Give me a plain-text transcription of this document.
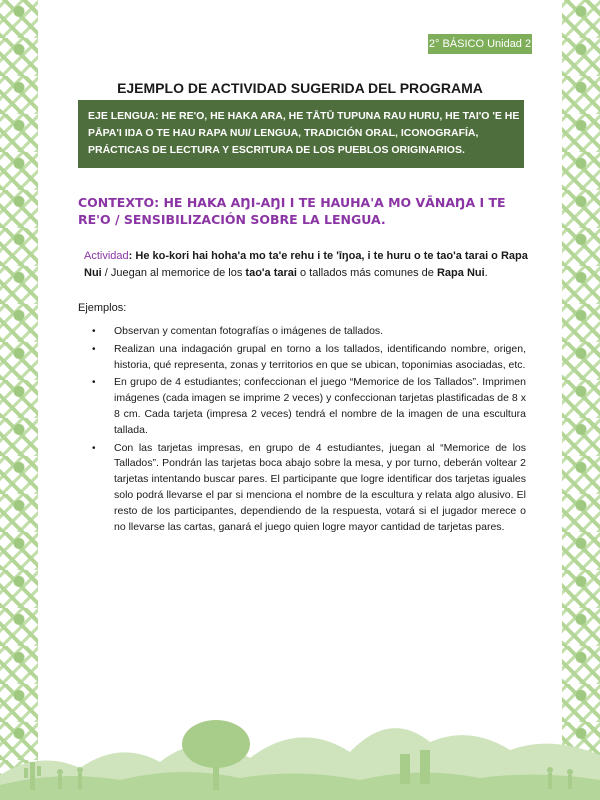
2° BÁSICO Unidad 2
EJEMPLO DE ACTIVIDAD SUGERIDA DEL PROGRAMA
EJE LENGUA: HE RE'O, HE HAKA ARA, HE TĀTŪ TUPUNA RAU HURU, HE TAI'O 'E HE PĀPA'I IŊA O TE HAU RAPA NUI/ LENGUA, TRADICIÓN ORAL, ICONOGRAFÍA, PRÁCTICAS DE LECTURA Y ESCRITURA DE LOS PUEBLOS ORIGINARIOS.
CONTEXTO: HE HAKA AŊI-AŊI I TE HAUHA'A MO VĀNAŊA I TE RE'O / SENSIBILIZACIÓN SOBRE LA LENGUA.
Actividad: He ko-kori hai hoha'a mo ta'e rehu i te 'īŋoa, i te huru o te tao'a tarai o Rapa Nui / Juegan al memorice de los tao'a tarai o tallados más comunes de Rapa Nui.
Ejemplos:
• Observan y comentan fotografías o imágenes de tallados.
• Realizan una indagación grupal en torno a los tallados, identificando nombre, origen, historia, qué representa, zonas y territorios en que se ubican, toponimias asociadas, etc.
• En grupo de 4 estudiantes; confeccionan el juego “Memorice de los Tallados”. Imprimen imágenes (cada imagen se imprime 2 veces) y confeccionan tarjetas plastificadas de 8 x 8 cm. Cada tarjeta (impresa 2 veces) tendrá el nombre de la imagen de una escultura tallada.
• Con las tarjetas impresas, en grupo de 4 estudiantes, juegan al “Memorice de los Tallados”. Pondrán las tarjetas boca abajo sobre la mesa, y por turno, deberán voltear 2 tarjetas intentando buscar pares. El participante que logre identificar dos tarjetas iguales solo podrá llevarse el par si menciona el nombre de la escultura y relata algo alusivo. El resto de los participantes, dependiendo de la respuesta, votará si el jugador merece o no llevarse las cartas, ganará el juego quien logre mayor cantidad de tarjetas pares.
